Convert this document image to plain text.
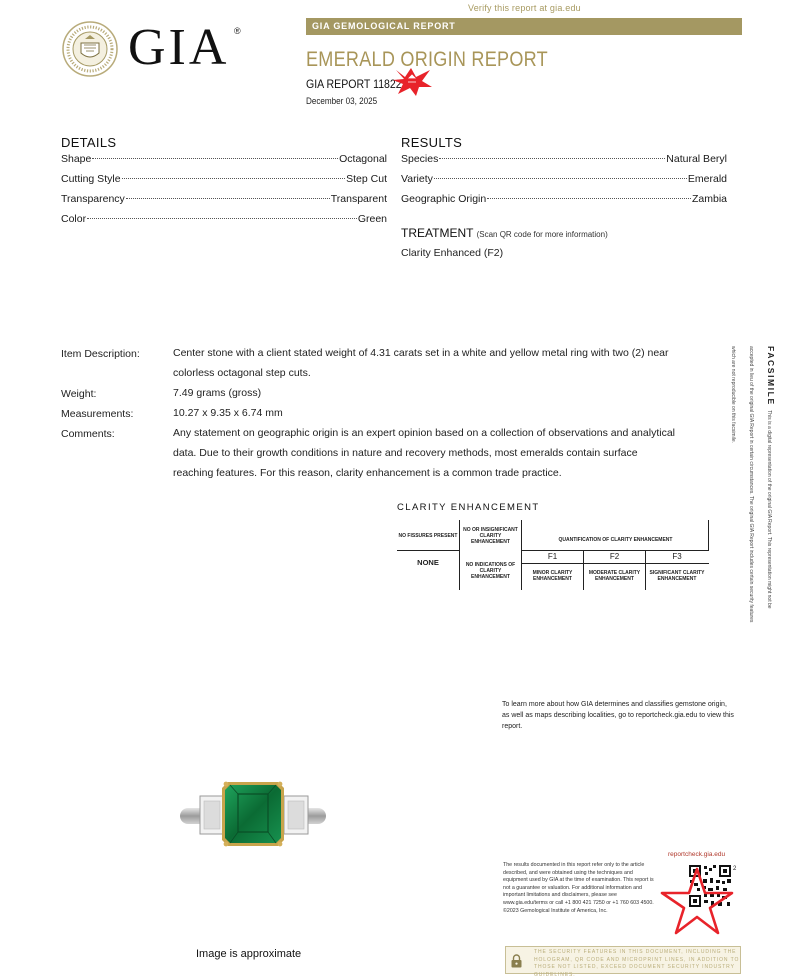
Verify this report at gia.edu
GIA ®	GIA GEMOLOGICAL REPORT
EMERALD ORIGIN REPORT
GIA REPORT 11822
December 03, 2025
DETAILS
Shape	Octagonal
Cutting Style	Step Cut
Transparency	Transparent
Color	Green
RESULTS
Species	Natural Beryl
Variety	Emerald
Geographic Origin	Zambia
TREATMENT (Scan QR code for more information)
Clarity Enhanced (F2)
Item Description:	Center stone with a client stated weight of 4.31 carats set in a white and yellow metal ring with two (2) near
colorless octagonal step cuts.
Weight:	7.49 grams (gross)
Measurements:	10.27 x 9.35 x 6.74 mm
Comments:	Any statement on geographic origin is an expert opinion based on a collection of observations and analytical
data. Due to their growth conditions in nature and recovery methods, most emeralds contain surface
reaching features. For this reason, clarity enhancement is a common trade practice.
CLARITY ENHANCEMENT
NO FISSURES PRESENT
NONE
NO OR INSIGNIFICANT CLARITY ENHANCEMENT
NO INDICATIONS OF CLARITY ENHANCEMENT
QUANTIFICATION OF CLARITY ENHANCEMENT
F1	F2	F3
MINOR CLARITY ENHANCEMENT
MODERATE CLARITY ENHANCEMENT
SIGNIFICANT CLARITY ENHANCEMENT
FACSIMILE This is a digital representation of the original GIA Report. This representation might not be accepted in lieu of the original GIA Report in certain circumstances. The original GIA Report includes certain security features which are not reproducible on this facsimile.
To learn more about how GIA determines and classifies gemstone origin, as well as maps describing localities, go to reportcheck.gia.edu to view this report.
Image is approximate
The results documented in this report refer only to the article described, and were obtained using the techniques and equipment used by GIA at the time of examination. This report is not a guarantee or valuation. For additional information and important limitations and disclaimers, please see www.gia.edu/terms or call +1 800 421 7250 or +1 760 603 4500. ©2023 Gemological Institute of America, Inc.
reportcheck.gia.edu
2
THE SECURITY FEATURES IN THIS DOCUMENT, INCLUDING THE HOLOGRAM, QR CODE AND MICROPRINT LINES, IN ADDITION TO THOSE NOT LISTED, EXCEED DOCUMENT SECURITY INDUSTRY GUIDELINES.
